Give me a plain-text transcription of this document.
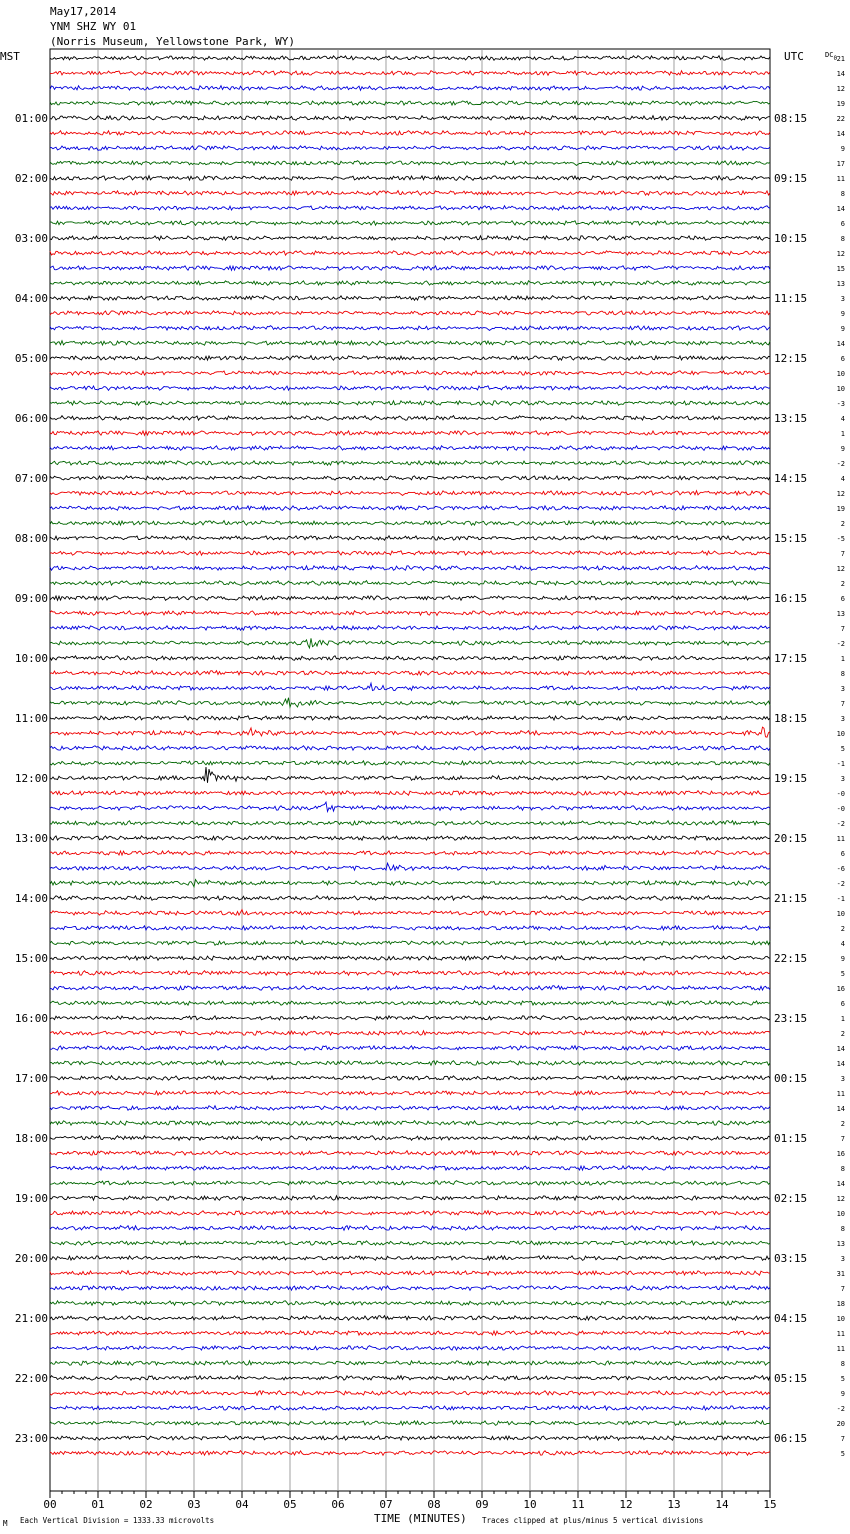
May17,2014
YNM SHZ WY 01
(Norris Museum, Yellowstone Park, WY)
MST	UTC	DC0
00	01	02	03	04	05	06	07	08	09	10	11	12	13	14	15
21
14
12
19
22
01:00	08:15
14
9
17
11
02:00	09:15
8
14
6
8
03:00	10:15
12
15
13
3
04:00	11:15
9
9
14
6
05:00	12:15
10
10
-3
4
06:00	13:15
1
9
-2
4
07:00	14:15
12
19
2
-5
08:00	15:15
7
12
2
6
09:00	16:15
13
7
-2
1
10:00	17:15
8
3
7
3
11:00	18:15
10
5
-1
3
12:00	19:15
-0
-0
-2
11
13:00	20:15
6
-6
-2
-1
14:00	21:15
10
2
4
9
15:00	22:15
5
16
6
1
16:00	23:15
2
14
14
3
17:00	00:15
11
14
2
7
18:00	01:15
16
8
14
12
19:00	02:15
10
8
13
3
20:00	03:15
31
7
18
10
21:00	04:15
11
11
8
5
22:00	05:15
9
-2
20
7
23:00	06:15
5
M Each Vertical Division = 1333.33 microvolts	TIME (MINUTES) Traces clipped at plus/minus 5 vertical divisions
